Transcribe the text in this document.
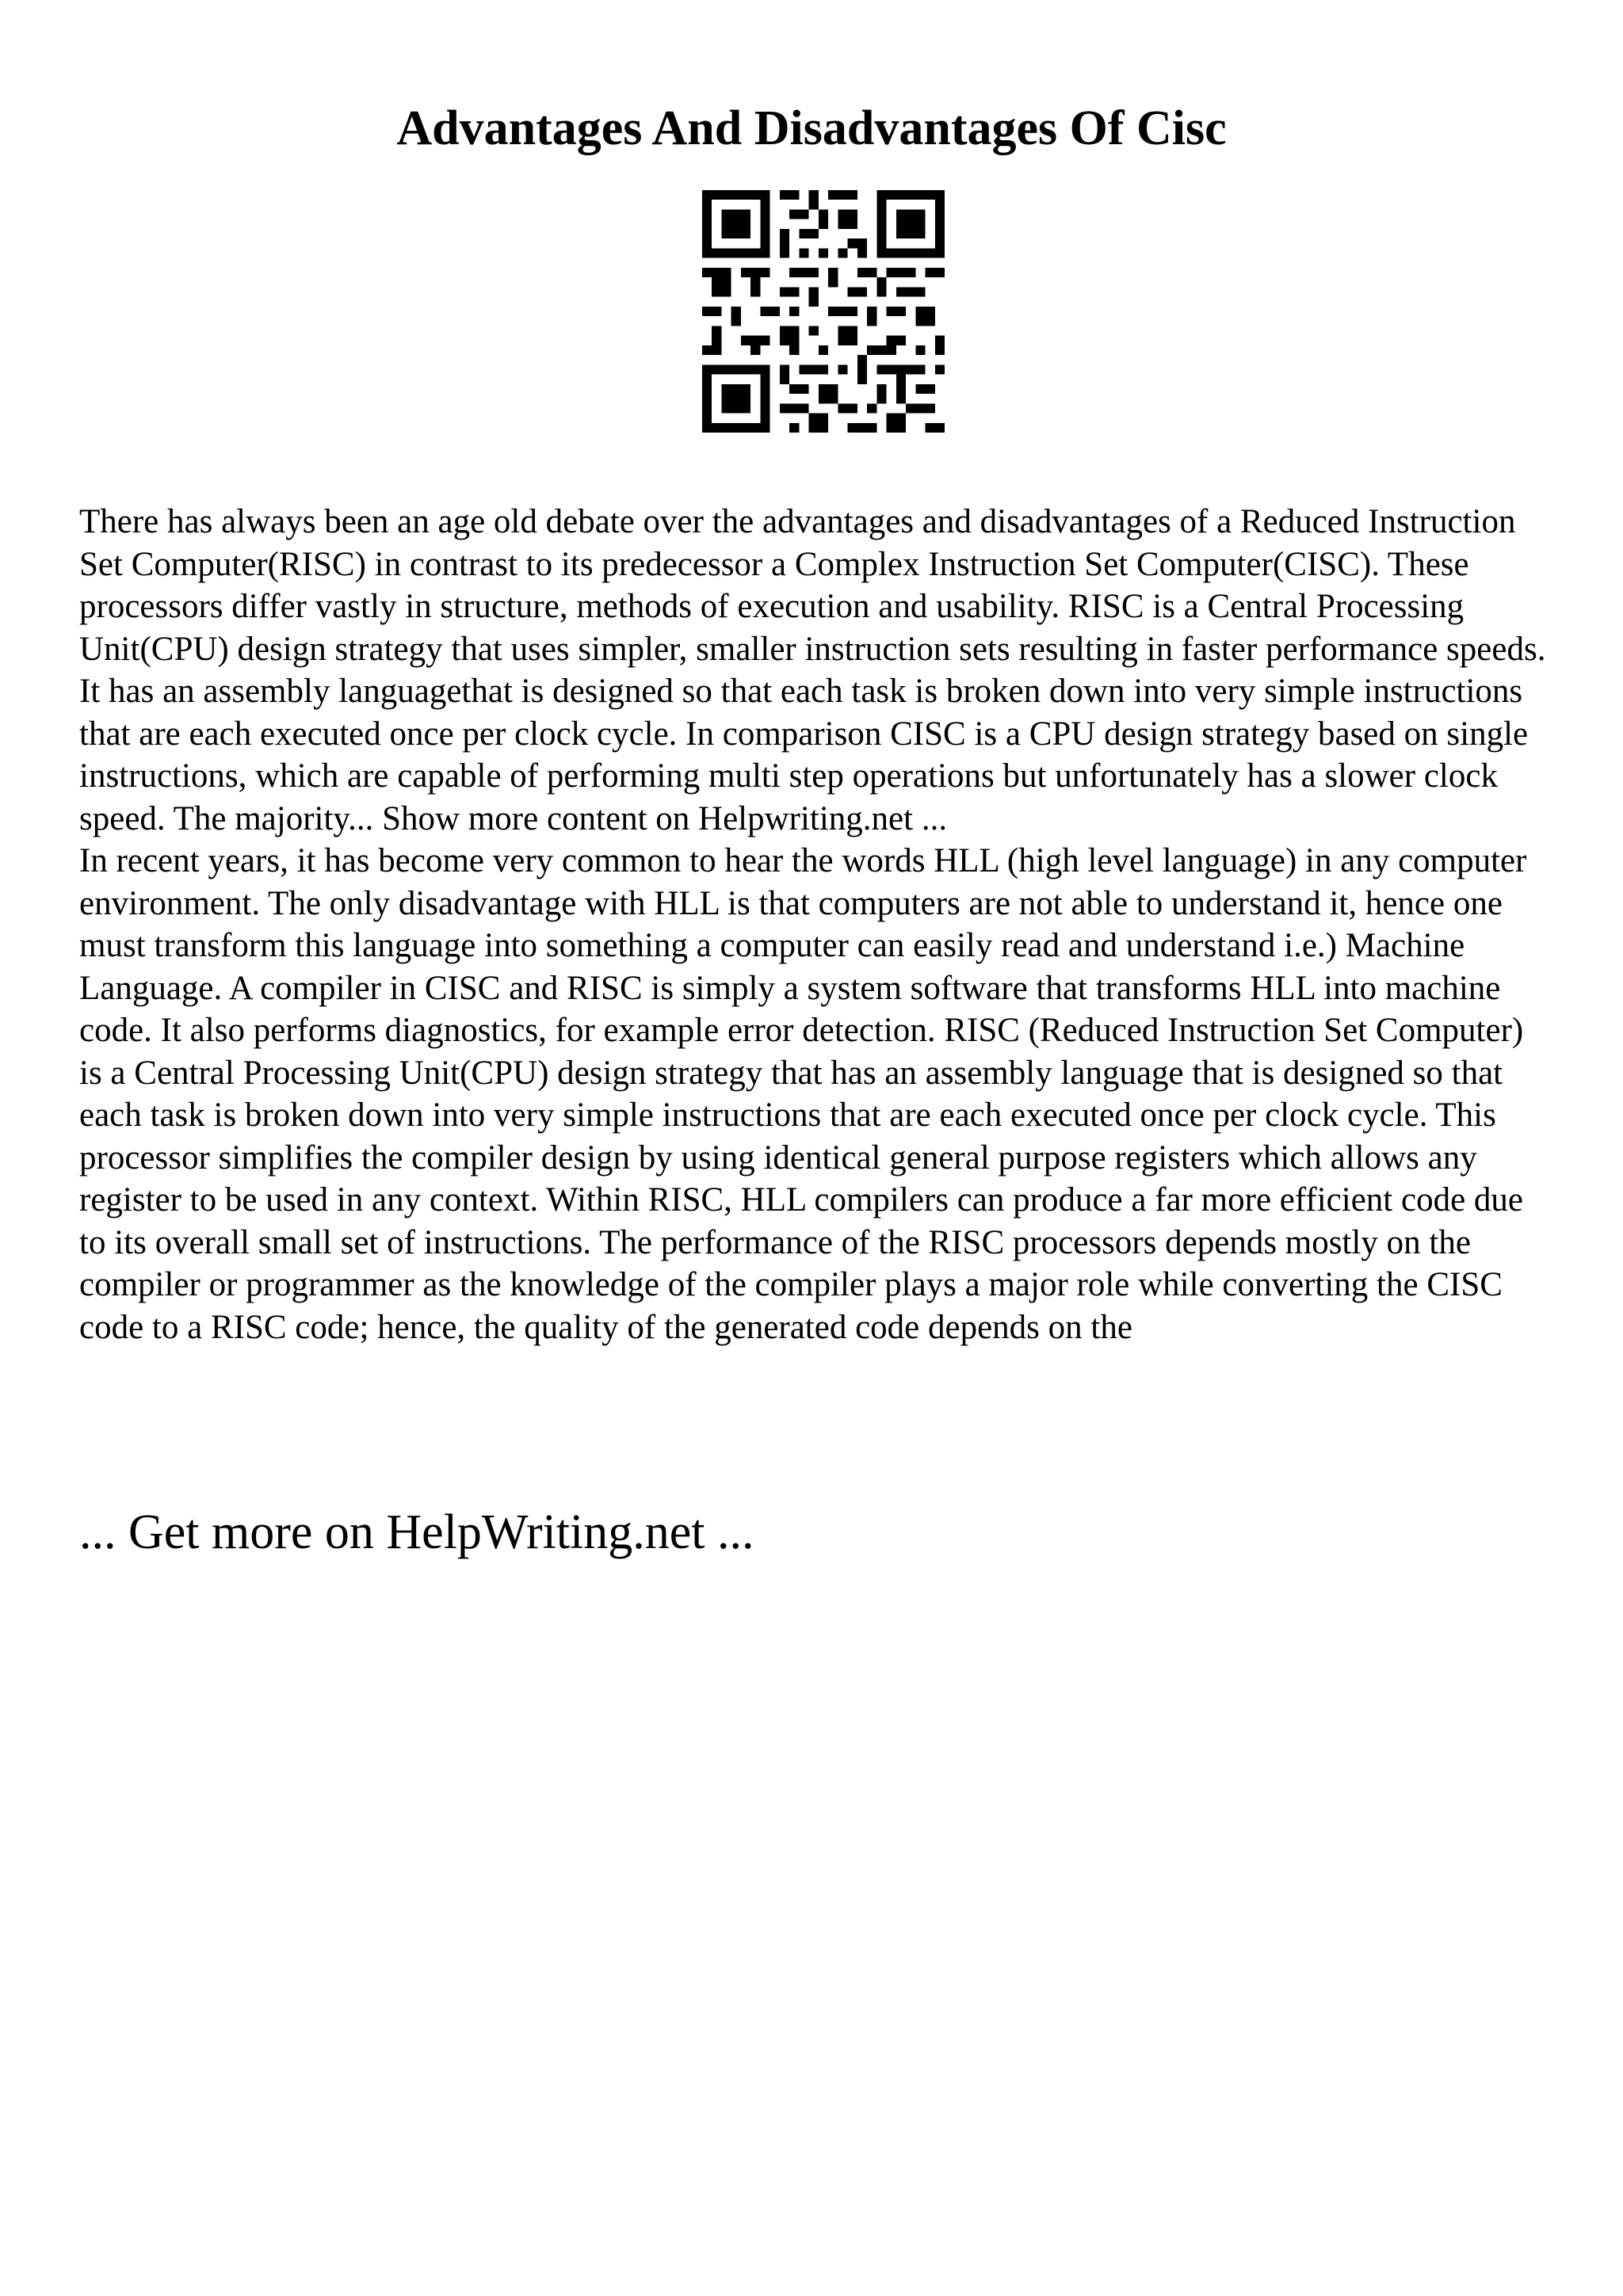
Advantages And Disadvantages Of Cisc

There has always been an age old debate over the advantages and disadvantages of a Reduced Instruction Set Computer(RISC) in contrast to its predecessor a Complex Instruction Set Computer(CISC). These processors differ vastly in structure, methods of execution and usability. RISC is a Central Processing Unit(CPU) design strategy that uses simpler, smaller instruction sets resulting in faster performance speeds. It has an assembly languagethat is designed so that each task is broken down into very simple instructions that are each executed once per clock cycle. In comparison CISC is a CPU design strategy based on single instructions, which are capable of performing multi step operations but unfortunately has a slower clock speed. The majority... Show more content on Helpwriting.net ...

In recent years, it has become very common to hear the words HLL (high level language) in any computer environment. The only disadvantage with HLL is that computers are not able to understand it, hence one must transform this language into something a computer can easily read and understand i.e.) Machine Language. A compiler in CISC and RISC is simply a system software that transforms HLL into machine code. It also performs diagnostics, for example error detection. RISC (Reduced Instruction Set Computer) is a Central Processing Unit(CPU) design strategy that has an assembly language that is designed so that each task is broken down into very simple instructions that are each executed once per clock cycle. This processor simplifies the compiler design by using identical general purpose registers which allows any register to be used in any context. Within RISC, HLL compilers can produce a far more efficient code due to its overall small set of instructions. The performance of the RISC processors depends mostly on the compiler or programmer as the knowledge of the compiler plays a major role while converting the CISC code to a RISC code; hence, the quality of the generated code depends on the

... Get more on HelpWriting.net ...
